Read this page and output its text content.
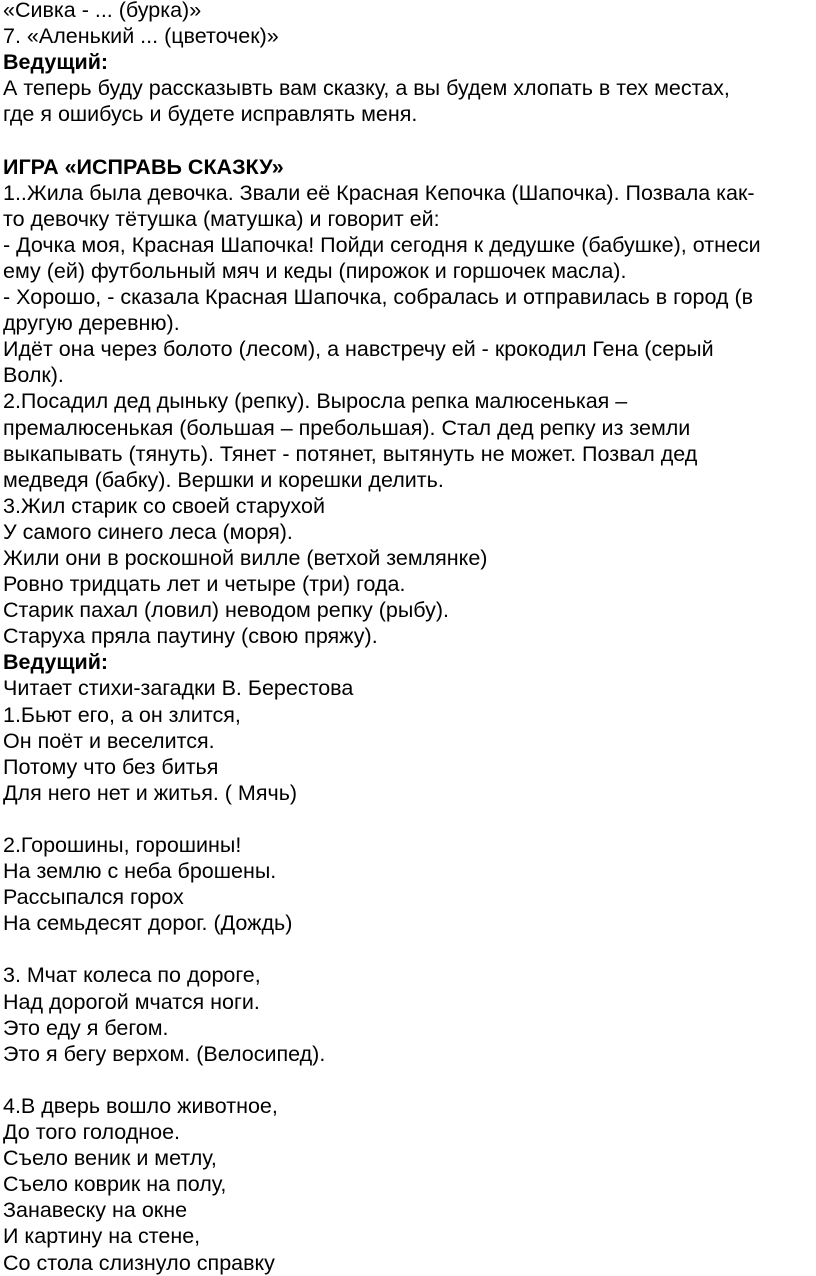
«Сивка - ... (бурка)»
7. «Аленький ... (цветочек)»
Ведущий:
А теперь буду рассказывть вам сказку, а вы будем хлопать в тех местах,
где я ошибусь и будете исправлять меня.
ИГРА «ИСПРАВЬ СКАЗКУ»
1..Жила была девочка. Звали её Красная Кепочка (Шапочка). Позвала как-
то девочку тётушка (матушка) и говорит ей:
- Дочка моя, Красная Шапочка! Пойди сегодня к дедушке (бабушке), отнеси
ему (ей) футбольный мяч и кеды (пирожок и горшочек масла).
- Хорошо, - сказала Красная Шапочка, собралась и отправилась в город (в
другую деревню).
Идёт она через болото (лесом), а навстречу ей - крокодил Гена (серый
Волк).
2.Посадил дед дыньку (репку). Выросла репка малюсенькая –
премалюсенькая (большая – пребольшая). Стал дед репку из земли
выкапывать (тянуть). Тянет - потянет, вытянуть не может. Позвал дед
медведя (бабку). Вершки и корешки делить.
3.Жил старик со своей старухой
У самого синего леса (моря).
Жили они в роскошной вилле (ветхой землянке)
Ровно тридцать лет и четыре (три) года.
Старик пахал (ловил) неводом репку (рыбу).
Старуха пряла паутину (свою пряжу).
Ведущий:
Читает стихи-загадки В. Берестова
1.Бьют его, а он злится,
Он поёт и веселится.
Потому что без битья
Для него нет и житья. ( Мячь)
2.Горошины, горошины!
На землю с неба брошены.
Рассыпался горох
На семьдесят дорог. (Дождь)
3. Мчат колеса по дороге,
Над дорогой мчатся ноги.
Это еду я бегом.
Это я бегу верхом. (Велосипед).
4.В дверь вошло животное,
До того голодное.
Съело веник и метлу,
Съело коврик на полу,
Занавеску на окне
И картину на стене,
Со стола слизнуло справку
